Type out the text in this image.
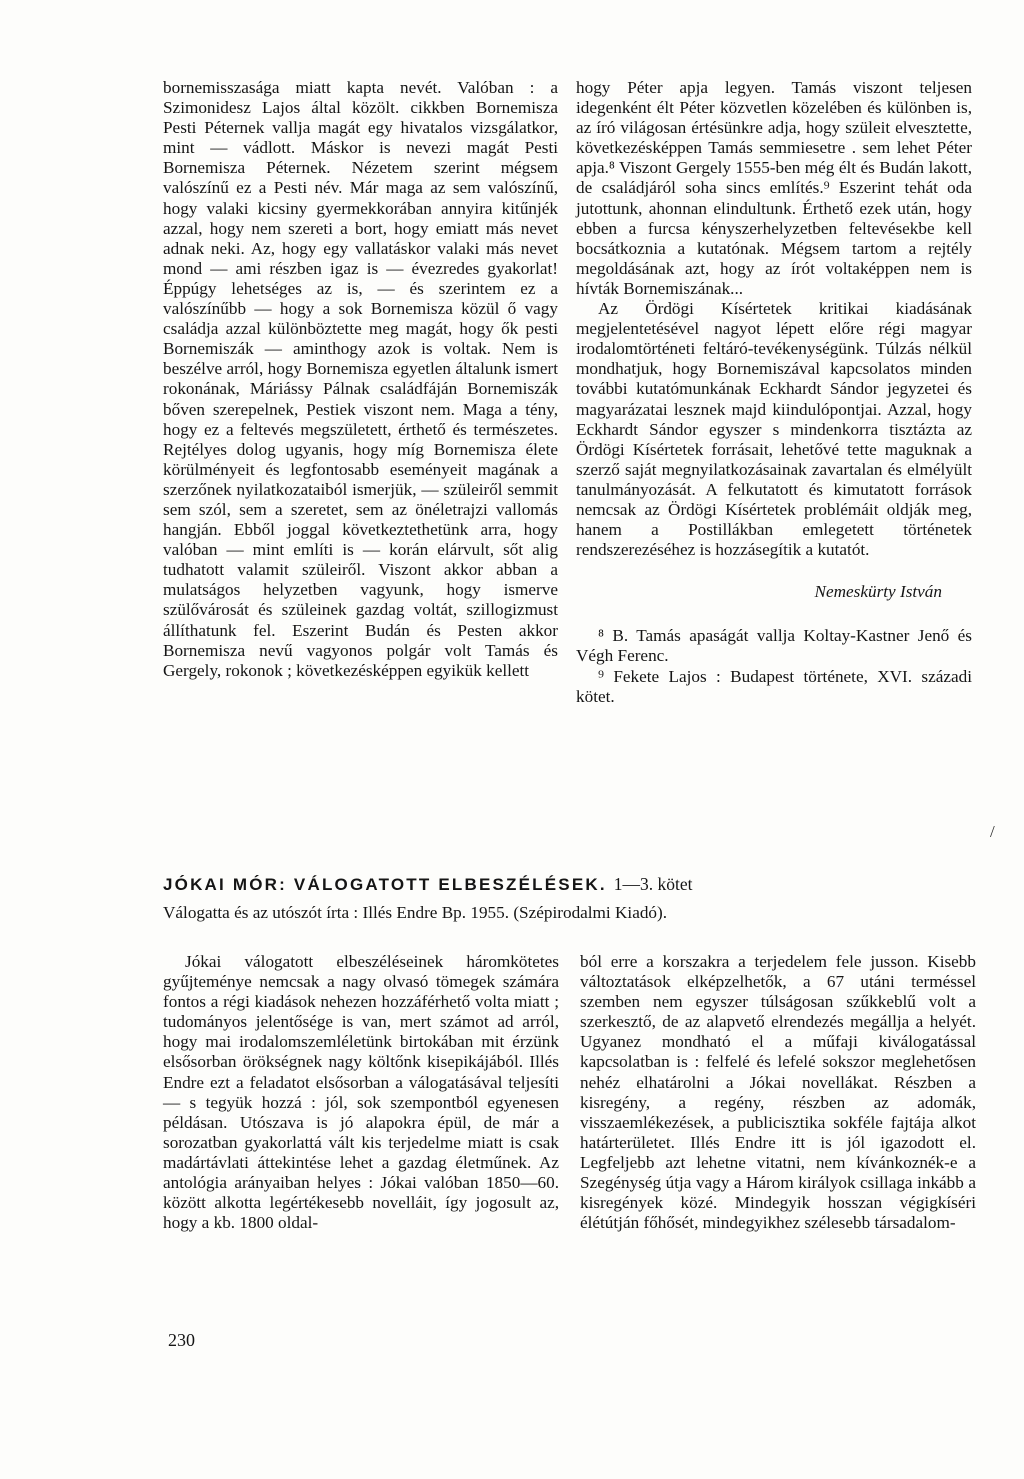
bornemisszasága miatt kapta nevét. Valóban : a Szimonidesz Lajos által közölt. cikkben Bornemisza Pesti Péternek vallja magát egy hivatalos vizsgálatkor, mint — vádlott. Máskor is nevezi magát Pesti Bornemisza Péternek. Nézetem szerint mégsem valószínű ez a Pesti név. Már maga az sem valószínű, hogy valaki kicsiny gyermekkorában annyira kitűnjék azzal, hogy nem szereti a bort, hogy emiatt más nevet adnak neki. Az, hogy egy vallatáskor valaki más nevet mond — ami részben igaz is — évezredes gyakorlat! Éppúgy lehetséges az is, — és szerintem ez a valószínűbb — hogy a sok Bornemisza közül ő vagy családja azzal különböztette meg magát, hogy ők pesti Bornemiszák — aminthogy azok is voltak. Nem is beszélve arról, hogy Bornemisza egyetlen általunk ismert rokonának, Máriássy Pálnak családfáján Bornemiszák bőven szerepelnek, Pestiek viszont nem. Maga a tény, hogy ez a feltevés megszületett, érthető és természetes. Rejtélyes dolog ugyanis, hogy míg Bornemisza élete körülményeit és legfontosabb eseményeit magának a szerzőnek nyilatkozataiból ismerjük, — szüleiről semmit sem szól, sem a szeretet, sem az önéletrajzi vallomás hangján. Ebből joggal következtethetünk arra, hogy valóban — mint említi is — korán elárvult, sőt alig tudhatott valamit szüleiről. Viszont akkor abban a mulatságos helyzetben vagyunk, hogy ismerve szülővárosát és szüleinek gazdag voltát, szillogizmust állíthatunk fel. Eszerint Budán és Pesten akkor Bornemisza nevű vagyonos polgár volt Tamás és Gergely, rokonok ; következésképpen egyikük kellett

hogy Péter apja legyen. Tamás viszont teljesen idegenként élt Péter közvetlen közelében és különben is, az író világosan értésünkre adja, hogy szüleit elvesztette, következésképpen Tamás semmiesetre . sem lehet Péter apja.⁸ Viszont Gergely 1555-ben még élt és Budán lakott, de családjáról soha sincs említés.⁹ Eszerint tehát oda jutottunk, ahonnan elindultunk. Érthető ezek után, hogy ebben a furcsa kényszerhelyzetben feltevésekbe kell bocsátkoznia a kutatónak. Mégsem tartom a rejtély megoldásának azt, hogy az írót voltaképpen nem is hívták Bornemiszának...

Az Ördögi Kísértetek kritikai kiadásának megjelentetésével nagyot lépett előre régi magyar irodalomtörténeti feltáró-tevékenységünk. Túlzás nélkül mondhatjuk, hogy Bornemiszával kapcsolatos minden további kutatómunkának Eckhardt Sándor jegyzetei és magyarázatai lesznek majd kiindulópontjai. Azzal, hogy Eckhardt Sándor egyszer s mindenkorra tisztázta az Ördögi Kísértetek forrásait, lehetővé tette maguknak a szerző saját megnyilatkozásainak zavartalan és elmélyült tanulmányozását. A felkutatott és kimutatott források nemcsak az Ördögi Kísértetek problémáit oldják meg, hanem a Postillákban emlegetett történetek rendszerezéséhez is hozzásegítik a kutatót.

Nemeskürty István

⁸ B. Tamás apaságát vallja Koltay-Kastner Jenő és Végh Ferenc.

⁹ Fekete Lajos : Budapest története, XVI. századi kötet.

JÓKAI MÓR: VÁLOGATOTT ELBESZÉLÉSEK. 1—3. kötet
Válogatta és az utószót írta : Illés Endre Bp. 1955. (Szépirodalmi Kiadó).

Jókai válogatott elbeszéléseinek háromkötetes gyűjteménye nemcsak a nagy olvasó tömegek számára fontos a régi kiadások nehezen hozzáférhető volta miatt ; tudományos jelentősége is van, mert számot ad arról, hogy mai irodalomszemléletünk birtokában mit érzünk elsősorban örökségnek nagy költőnk kisepikájából. Illés Endre ezt a feladatot elsősorban a válogatásával teljesíti — s tegyük hozzá : jól, sok szempontból egyenesen példásan. Utószava is jó alapokra épül, de már a sorozatban gyakorlattá vált kis terjedelme miatt is csak madártávlati áttekintése lehet a gazdag életműnek. Az antológia arányaiban helyes : Jókai valóban 1850—60. között alkotta legértékesebb novelláit, így jogosult az, hogy a kb. 1800 oldal-

ból erre a korszakra a terjedelem fele jusson. Kisebb változtatások elképzelhetők, a 67 utáni terméssel szemben nem egyszer túlságosan szűkkeblű volt a szerkesztő, de az alapvető elrendezés megállja a helyét. Ugyanez mondható el a műfaji kiválogatással kapcsolatban is : felfelé és lefelé sokszor meglehetősen nehéz elhatárolni a Jókai novellákat. Részben a kisregény, a regény, részben az adomák, visszaemlékezések, a publicisztika sokféle fajtája alkot határterületet. Illés Endre itt is jól igazodott el. Legfeljebb azt lehetne vitatni, nem kívánkoznék-e a Szegénység útja vagy a Három királyok csillaga inkább a kisregények közé. Mindegyik hosszan végigkíséri élétútján főhősét, mindegyikhez szélesebb társadalom-

230
/
